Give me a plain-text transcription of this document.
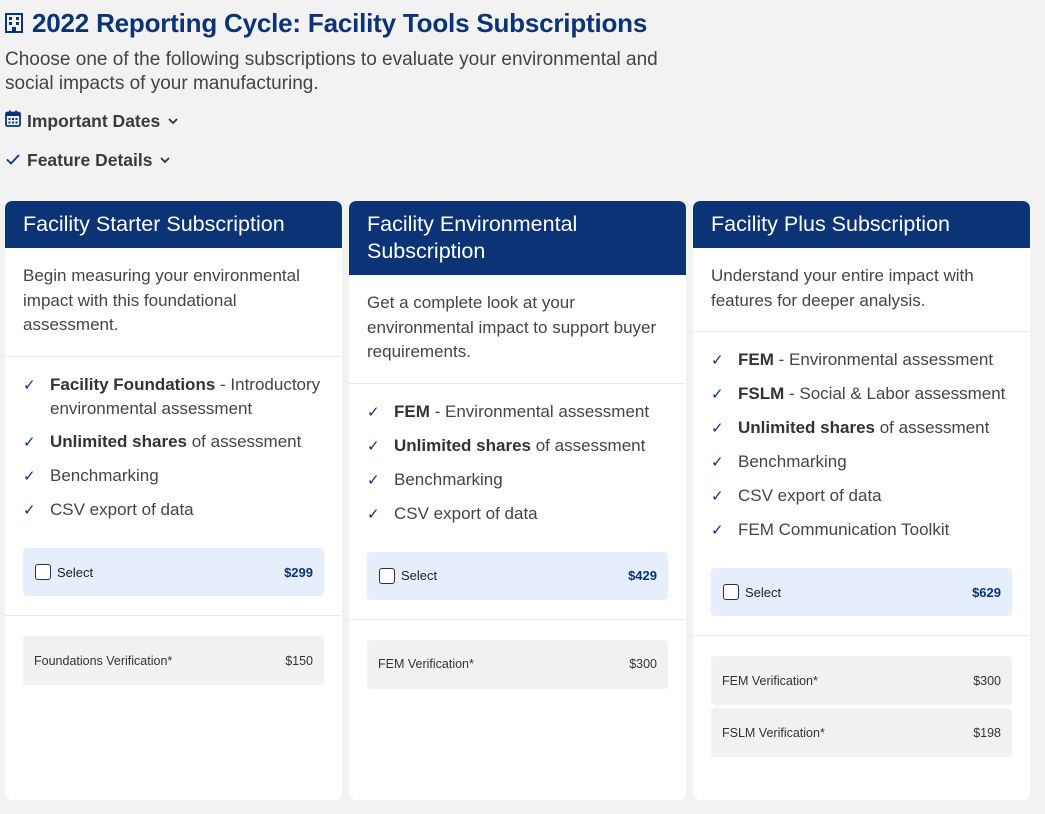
2022 Reporting Cycle: Facility Tools Subscriptions
Choose one of the following subscriptions to evaluate your environmental and social impacts of your manufacturing.
Important Dates
Feature Details
Facility Starter Subscription
Begin measuring your environmental impact with this foundational assessment.
✓ Facility Foundations - Introductory environmental assessment
✓ Unlimited shares of assessment
✓ Benchmarking
✓ CSV export of data
Select	$299
Foundations Verification*	$150
Facility Environmental Subscription
Get a complete look at your environmental impact to support buyer requirements.
✓ FEM - Environmental assessment
✓ Unlimited shares of assessment
✓ Benchmarking
✓ CSV export of data
Select	$429
FEM Verification*	$300
Facility Plus Subscription
Understand your entire impact with features for deeper analysis.
✓ FEM - Environmental assessment
✓ FSLM - Social & Labor assessment
✓ Unlimited shares of assessment
✓ Benchmarking
✓ CSV export of data
✓ FEM Communication Toolkit
Select	$629
FEM Verification*	$300
FSLM Verification*	$198
